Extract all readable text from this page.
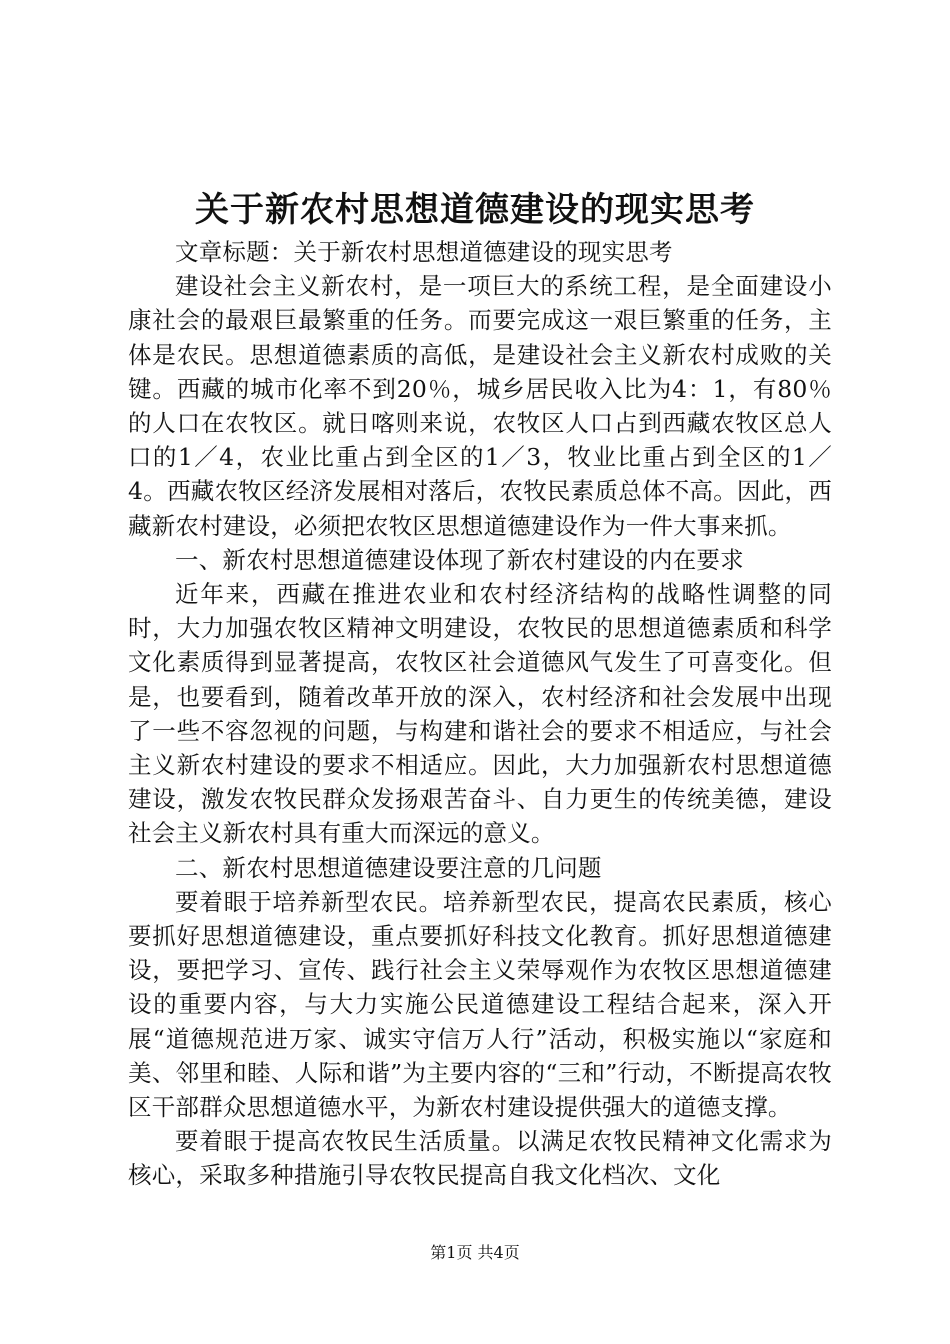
关于新农村思想道德建设的现实思考

文章标题：关于新农村思想道德建设的现实思考

建设社会主义新农村，是一项巨大的系统工程，是全面建设小康社会的最艰巨最繁重的任务。而要完成这一艰巨繁重的任务，主体是农民。思想道德素质的高低，是建设社会主义新农村成败的关键。西藏的城市化率不到20％，城乡居民收入比为4：1，有80％的人口在农牧区。就日喀则来说，农牧区人口占到西藏农牧区总人口的1／4，农业比重占到全区的1／3，牧业比重占到全区的1／4。西藏农牧区经济发展相对落后，农牧民素质总体不高。因此，西藏新农村建设，必须把农牧区思想道德建设作为一件大事来抓。

一、新农村思想道德建设体现了新农村建设的内在要求

近年来，西藏在推进农业和农村经济结构的战略性调整的同时，大力加强农牧区精神文明建设，农牧民的思想道德素质和科学文化素质得到显著提高，农牧区社会道德风气发生了可喜变化。但是，也要看到，随着改革开放的深入，农村经济和社会发展中出现了一些不容忽视的问题，与构建和谐社会的要求不相适应，与社会主义新农村建设的要求不相适应。因此，大力加强新农村思想道德建设，激发农牧民群众发扬艰苦奋斗、自力更生的传统美德，建设社会主义新农村具有重大而深远的意义。

二、新农村思想道德建设要注意的几问题

要着眼于培养新型农民。培养新型农民，提高农民素质，核心要抓好思想道德建设，重点要抓好科技文化教育。抓好思想道德建设，要把学习、宣传、践行社会主义荣辱观作为农牧区思想道德建设的重要内容，与大力实施公民道德建设工程结合起来，深入开展“道德规范进万家、诚实守信万人行”活动，积极实施以“家庭和美、邻里和睦、人际和谐”为主要内容的“三和”行动，不断提高农牧区干部群众思想道德水平，为新农村建设提供强大的道德支撑。

要着眼于提高农牧民生活质量。以满足农牧民精神文化需求为核心，采取多种措施引导农牧民提高自我文化档次、文化

第1页 共4页
